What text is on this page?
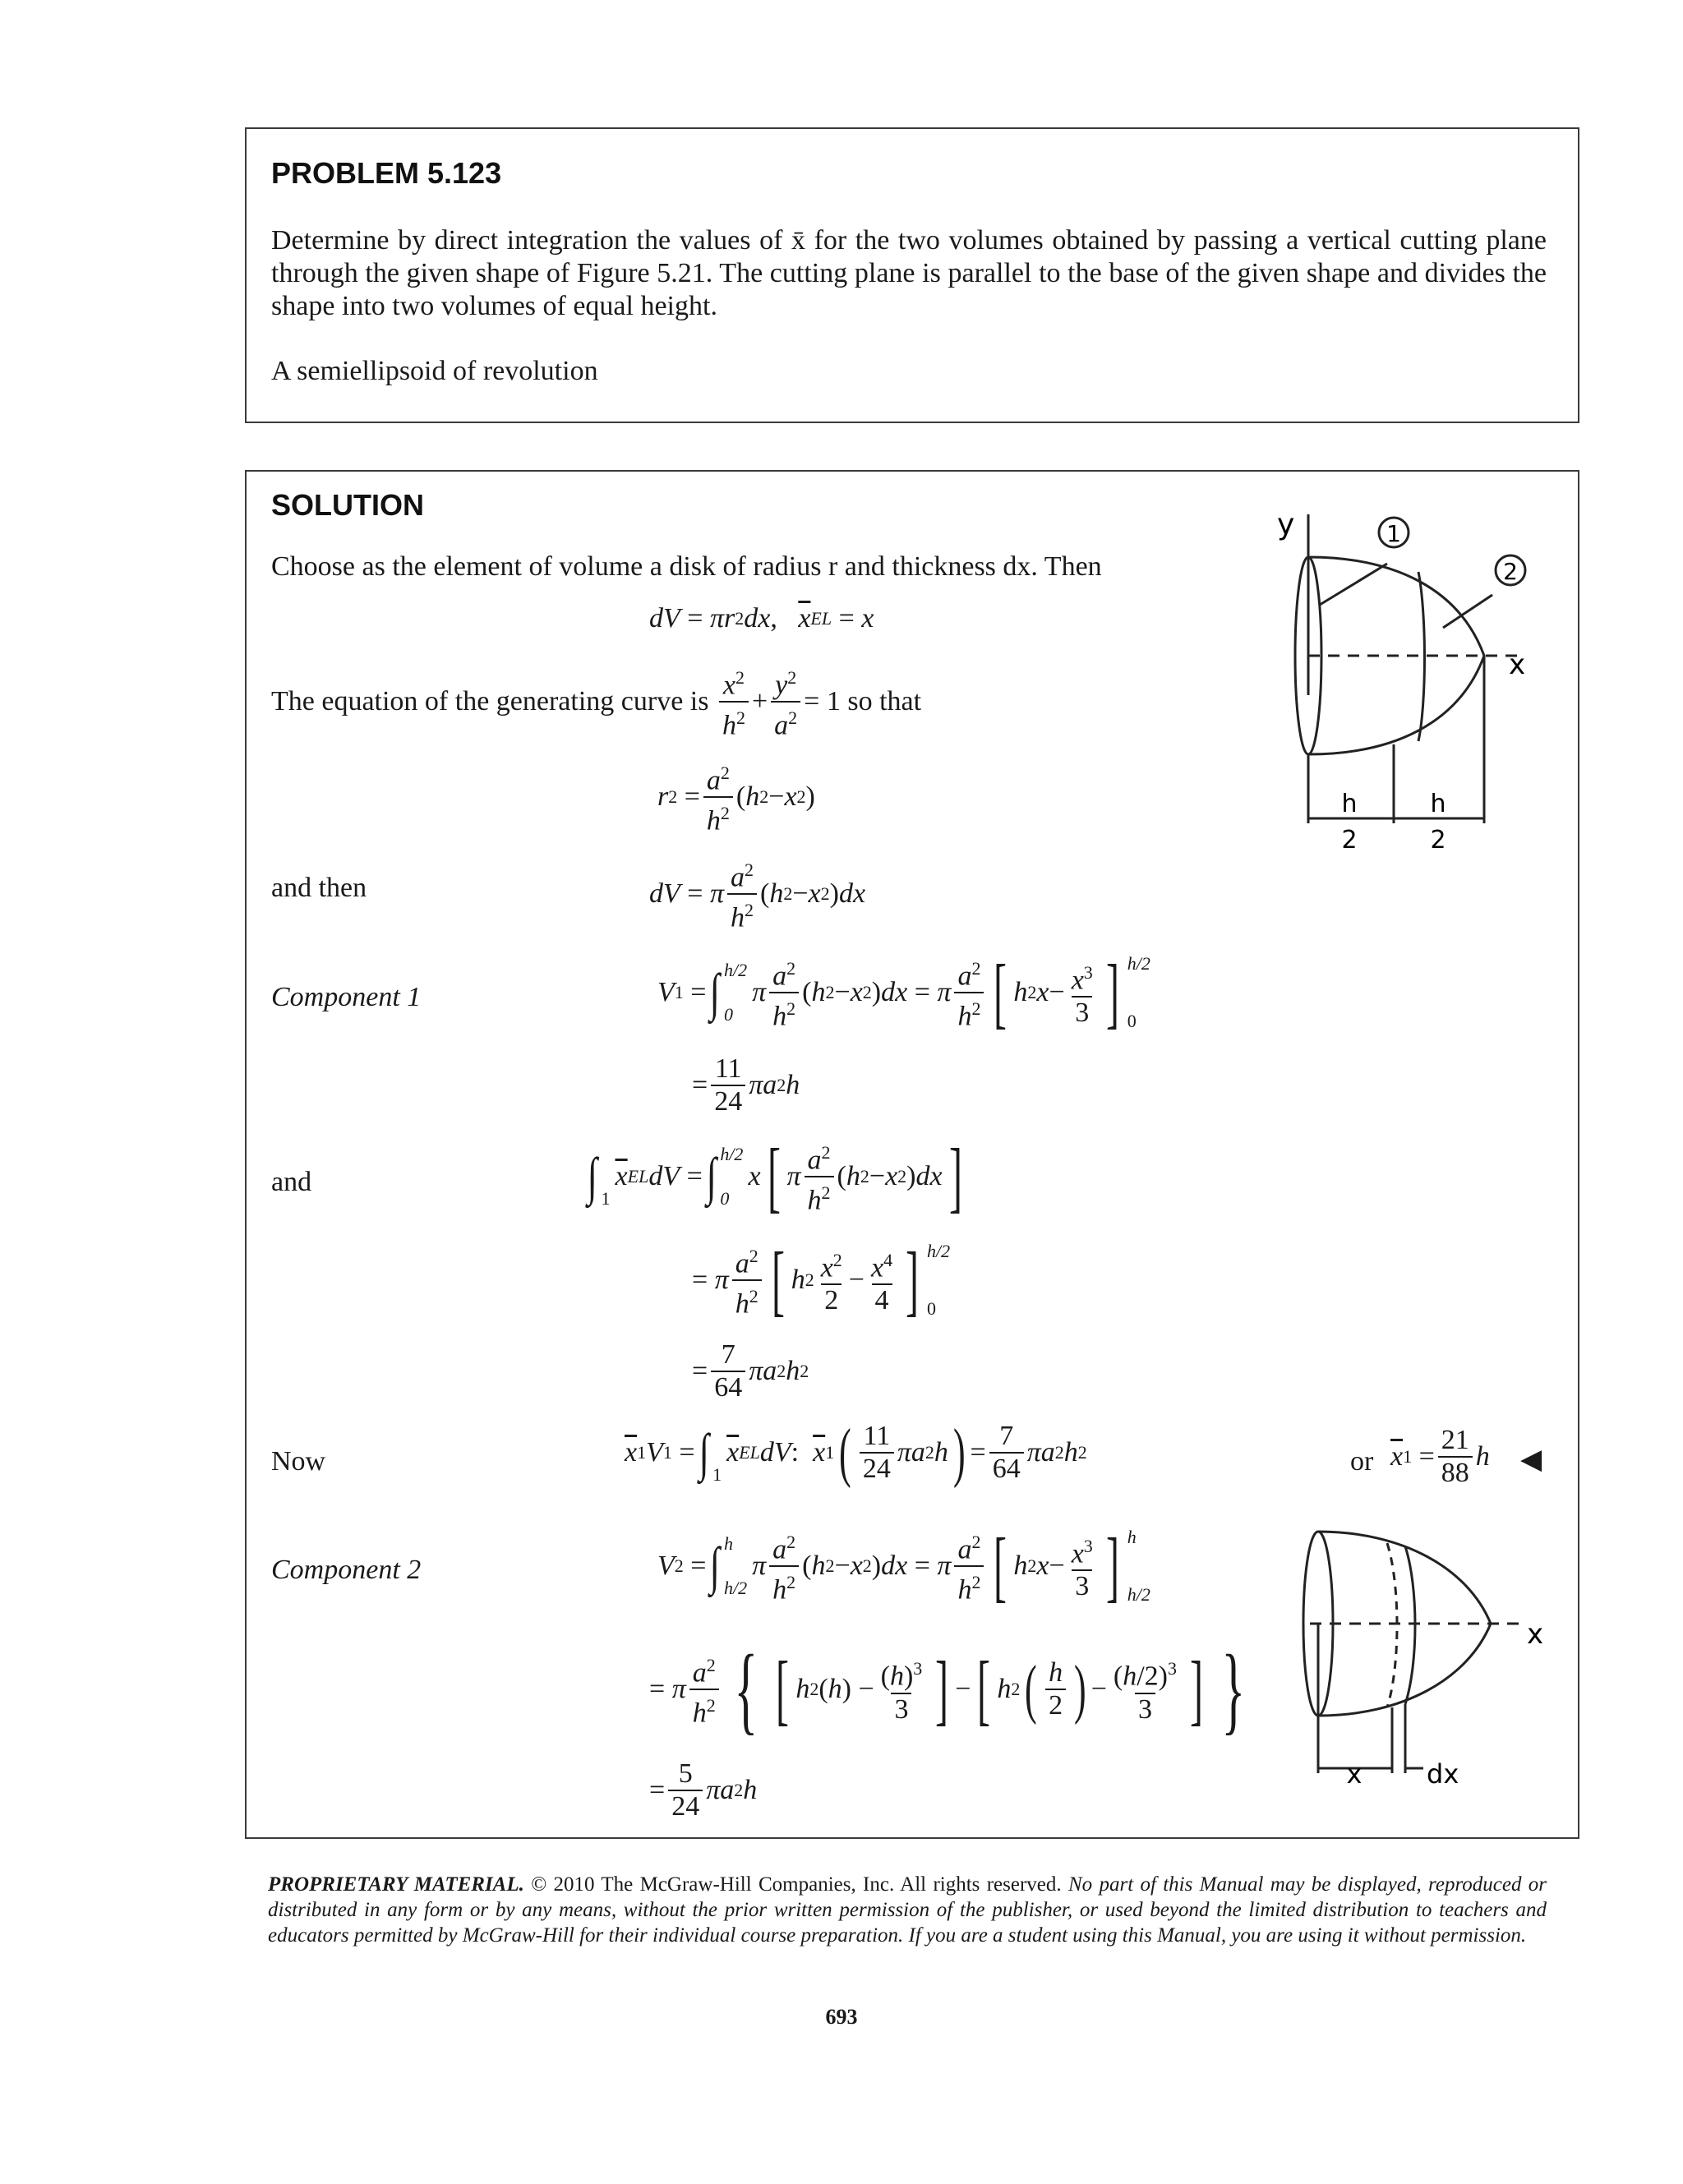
PROBLEM 5.123
Determine by direct integration the values of x̄ for the two volumes obtained by passing a vertical cutting plane through the given shape of Figure 5.21. The cutting plane is parallel to the base of the given shape and divides the shape into two volumes of equal height.
A semiellipsoid of revolution
SOLUTION
Choose as the element of volume a disk of radius r and thickness dx. Then
dV = πr 2 dx , $\overline{x}$ EL = x
The equation of the generating curve is
$\frac{x^2}{h^2} + \frac{y^2}{a^2} = 1$ so that
r $2 = \frac{a^2}{h^2}$ ( h 2 − x 2 )
and then	dV = π $\frac{a^2}{h^2}$ ( h 2 − x 2 ) dx
Component 1	V 1 = ∫ h/2
0
π $\frac{a^2}{h^2}$ ( h 2 − x 2 ) dx = π $\frac{a^2}{h^2}$ [ h 2 $x - \frac{x^3}{3}$ ] h/2
0
= $\frac{11}{24}$ πa 2 h
and	∫
1
$\overline{x}$ EL dV = ∫ h/2
0
x [ π $\frac{a^2}{h^2}$ ( h 2 − x 2 ) dx ]
= π $\frac{a^2}{h^2}$ [ h $2 \frac{x^2}{2} - \frac{x^4}{4}$ ] h/2
0
= $\frac{7}{64}$ πa 2 h 2
Now	$\overline{x}$ 1 V 1 = ∫
1
$\overline{x}$ EL dV : $\overline{x}$ 1 ( $\frac{11}{24}$ πa 2 h ) = $\frac{7}{64}$ πa 2 h 2	or $\overline{x}$ $1 = \frac{21}{88}$ h ◀
Component 2	V 2 = ∫ h
h/2
π $\frac{a^2}{h^2}$ ( h 2 − x 2 ) dx = π $\frac{a^2}{h^2}$ [ h 2 $x - \frac{x^3}{3}$ ] h
h/2
= π $\frac{a^2}{h^2}$ { [ h 2 ( h ) − $\frac{(h)^3}{3}$ ] − [ h 2 ( $\frac{h}{2}$ ) − $\frac{(h/2)^3}{3}$ ] }
= $\frac{5}{24}$ πa 2 h
y
x
1
2
h
2
h
2
x
x dx
PROPRIETARY MATERIAL. © 2010 The McGraw-Hill Companies, Inc. All rights reserved. No part of this Manual may be displayed, reproduced or distributed in any form or by any means, without the prior written permission of the publisher, or used beyond the limited distribution to teachers and educators permitted by McGraw-Hill for their individual course preparation. If you are a student using this Manual, you are using it without permission.
693
